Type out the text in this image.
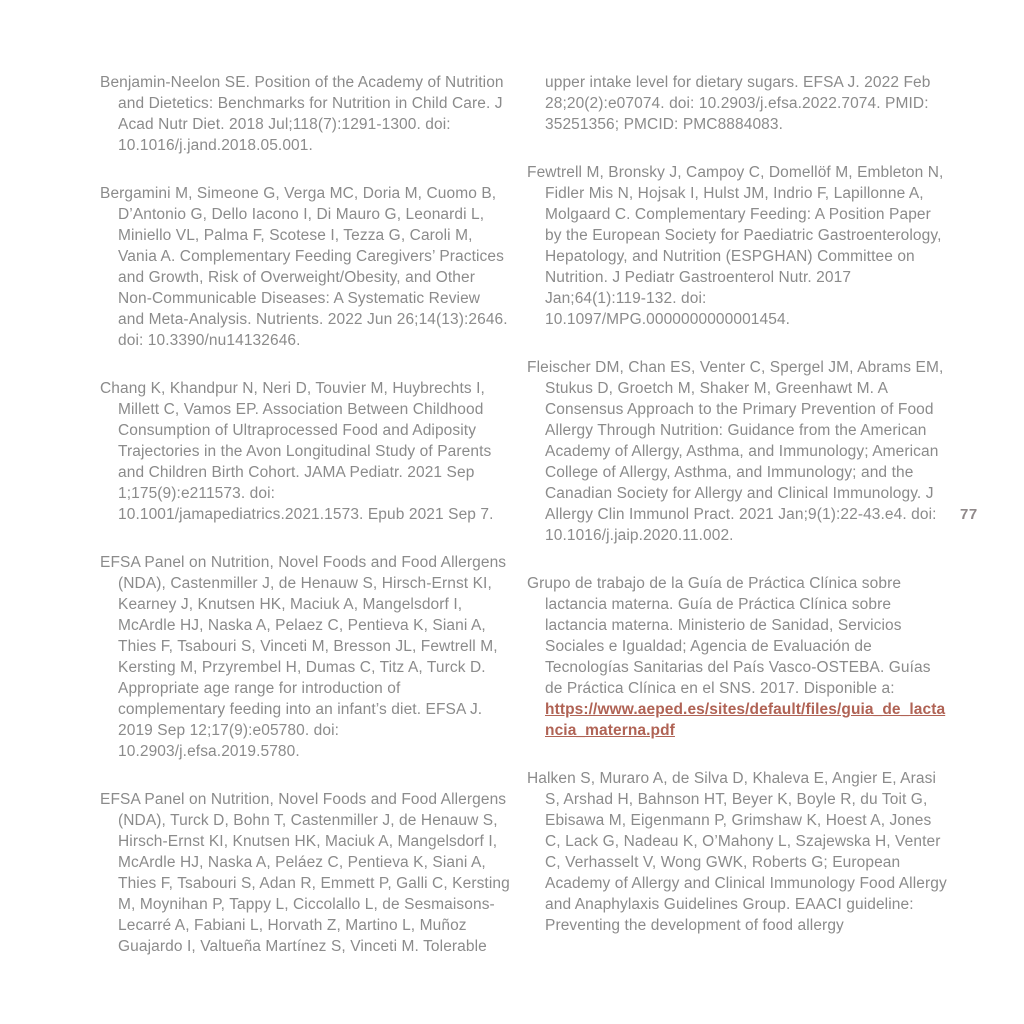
Benjamin-Neelon SE. Position of the Academy of Nutrition and Dietetics: Benchmarks for Nutrition in Child Care. J Acad Nutr Diet. 2018 Jul;118(7):1291-1300. doi: 10.1016/j.jand.2018.05.001.

Bergamini M, Simeone G, Verga MC, Doria M, Cuomo B, D’Antonio G, Dello Iacono I, Di Mauro G, Leonardi L, Miniello VL, Palma F, Scotese I, Tezza G, Caroli M, Vania A. Complementary Feeding Caregivers’ Practices and Growth, Risk of Overweight/Obesity, and Other Non-Communicable Diseases: A Systematic Review and Meta-Analysis. Nutrients. 2022 Jun 26;14(13):2646. doi: 10.3390/nu14132646.

Chang K, Khandpur N, Neri D, Touvier M, Huybrechts I, Millett C, Vamos EP. Association Between Childhood Consumption of Ultraprocessed Food and Adiposity Trajectories in the Avon Longitudinal Study of Parents and Children Birth Cohort. JAMA Pediatr. 2021 Sep 1;175(9):e211573. doi: 10.1001/jamapediatrics.2021.1573. Epub 2021 Sep 7.

EFSA Panel on Nutrition, Novel Foods and Food Allergens (NDA), Castenmiller J, de Henauw S, Hirsch-Ernst KI, Kearney J, Knutsen HK, Maciuk A, Mangelsdorf I, McArdle HJ, Naska A, Pelaez C, Pentieva K, Siani A, Thies F, Tsabouri S, Vinceti M, Bresson JL, Fewtrell M, Kersting M, Przyrembel H, Dumas C, Titz A, Turck D. Appropriate age range for introduction of complementary feeding into an infant’s diet. EFSA J. 2019 Sep 12;17(9):e05780. doi: 10.2903/j.efsa.2019.5780.

EFSA Panel on Nutrition, Novel Foods and Food Allergens (NDA), Turck D, Bohn T, Castenmiller J, de Henauw S, Hirsch-Ernst KI, Knutsen HK, Maciuk A, Mangelsdorf I, McArdle HJ, Naska A, Peláez C, Pentieva K, Siani A, Thies F, Tsabouri S, Adan R, Emmett P, Galli C, Kersting M, Moynihan P, Tappy L, Ciccolallo L, de Sesmaisons-Lecarré A, Fabiani L, Horvath Z, Martino L, Muñoz Guajardo I, Valtueña Martínez S, Vinceti M. Tolerable

upper intake level for dietary sugars. EFSA J. 2022 Feb 28;20(2):e07074. doi: 10.2903/j.efsa.2022.7074. PMID: 35251356; PMCID: PMC8884083.

Fewtrell M, Bronsky J, Campoy C, Domellöf M, Embleton N, Fidler Mis N, Hojsak I, Hulst JM, Indrio F, Lapillonne A, Molgaard C. Complementary Feeding: A Position Paper by the European Society for Paediatric Gastroenterology, Hepatology, and Nutrition (ESPGHAN) Committee on Nutrition. J Pediatr Gastroenterol Nutr. 2017 Jan;64(1):119-132. doi: 10.1097/MPG.0000000000001454.

Fleischer DM, Chan ES, Venter C, Spergel JM, Abrams EM, Stukus D, Groetch M, Shaker M, Greenhawt M. A Consensus Approach to the Primary Prevention of Food Allergy Through Nutrition: Guidance from the American Academy of Allergy, Asthma, and Immunology; American College of Allergy, Asthma, and Immunology; and the Canadian Society for Allergy and Clinical Immunology. J Allergy Clin Immunol Pract. 2021 Jan;9(1):22-43.e4. doi: 10.1016/j.jaip.2020.11.002.

Grupo de trabajo de la Guía de Práctica Clínica sobre lactancia materna. Guía de Práctica Clínica sobre lactancia materna. Ministerio de Sanidad, Servicios Sociales e Igualdad; Agencia de Evaluación de Tecnologías Sanitarias del País Vasco-OSTEBA. Guías de Práctica Clínica en el SNS. 2017. Disponible a: https://www.aeped.es/sites/default/files/guia_de_lactancia_materna.pdf

Halken S, Muraro A, de Silva D, Khaleva E, Angier E, Arasi S, Arshad H, Bahnson HT, Beyer K, Boyle R, du Toit G, Ebisawa M, Eigenmann P, Grimshaw K, Hoest A, Jones C, Lack G, Nadeau K, O’Mahony L, Szajewska H, Venter C, Verhasselt V, Wong GWK, Roberts G; European Academy of Allergy and Clinical Immunology Food Allergy and Anaphylaxis Guidelines Group. EAACI guideline: Preventing the development of food allergy

77
